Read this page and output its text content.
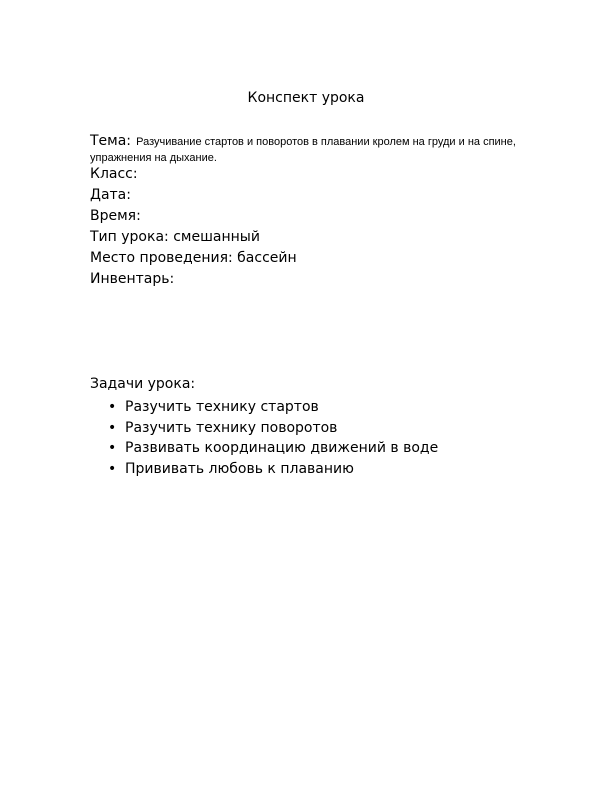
Конспект урока
Тема: Разучивание стартов и поворотов в плавании кролем на груди и на спине, упражнения на дыхание.
Класс:
Дата:
Время:
Тип урока: смешанный
Место проведения: бассейн
Инвентарь:
Задачи урока:
• Разучить технику стартов
• Разучить технику поворотов
• Развивать координацию движений в воде
• Прививать любовь к плаванию
